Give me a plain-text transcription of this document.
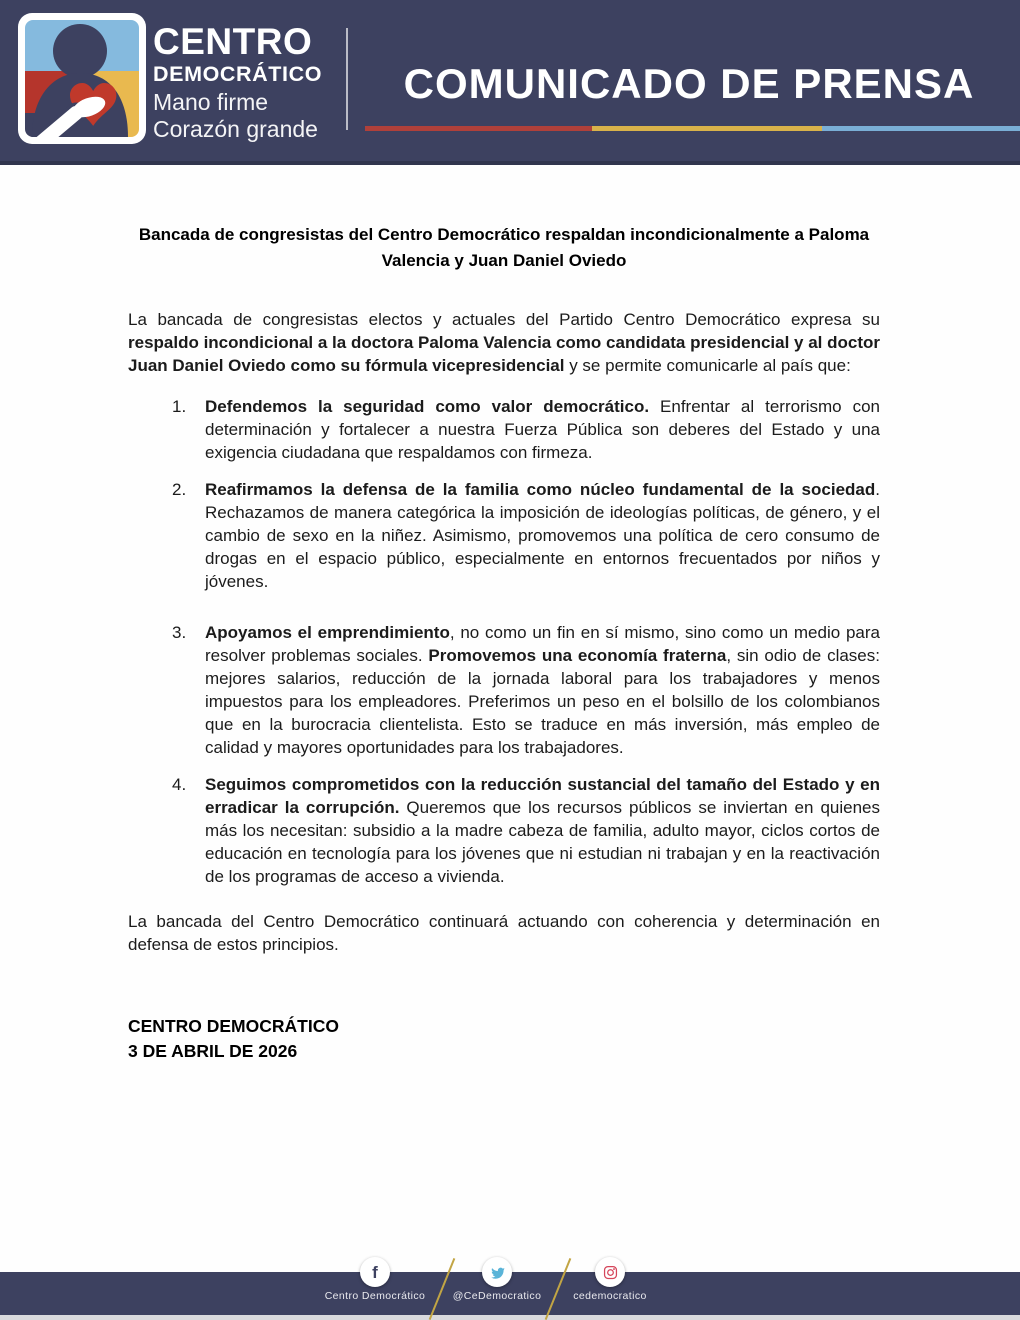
CENTRO
DEMOCRÁTICO
Mano firme
Corazón grande
COMUNICADO DE PRENSA
Bancada de congresistas del Centro Democrático respaldan incondicionalmente a Paloma Valencia y Juan Daniel Oviedo

La bancada de congresistas electos y actuales del Partido Centro Democrático expresa su respaldo incondicional a la doctora Paloma Valencia como candidata presidencial y al doctor Juan Daniel Oviedo como su fórmula vicepresidencial y se permite comunicarle al país que:

1. Defendemos la seguridad como valor democrático. Enfrentar al terrorismo con determinación y fortalecer a nuestra Fuerza Pública son deberes del Estado y una exigencia ciudadana que respaldamos con firmeza.
2. Reafirmamos la defensa de la familia como núcleo fundamental de la sociedad. Rechazamos de manera categórica la imposición de ideologías políticas, de género, y el cambio de sexo en la niñez. Asimismo, promovemos una política de cero consumo de drogas en el espacio público, especialmente en entornos frecuentados por niños y jóvenes.
3. Apoyamos el emprendimiento, no como un fin en sí mismo, sino como un medio para resolver problemas sociales. Promovemos una economía fraterna, sin odio de clases: mejores salarios, reducción de la jornada laboral para los trabajadores y menos impuestos para los empleadores. Preferimos un peso en el bolsillo de los colombianos que en la burocracia clientelista. Esto se traduce en más inversión, más empleo de calidad y mayores oportunidades para los trabajadores.
4. Seguimos comprometidos con la reducción sustancial del tamaño del Estado y en erradicar la corrupción. Queremos que los recursos públicos se inviertan en quienes más los necesitan: subsidio a la madre cabeza de familia, adulto mayor, ciclos cortos de educación en tecnología para los jóvenes que ni estudian ni trabajan y en la reactivación de los programas de acceso a vivienda.

La bancada del Centro Democrático continuará actuando con coherencia y determinación en defensa de estos principios.

CENTRO DEMOCRÁTICO
3 DE ABRIL DE 2026
f
Centro Democrático	@CeDemocratico	cedemocratico
